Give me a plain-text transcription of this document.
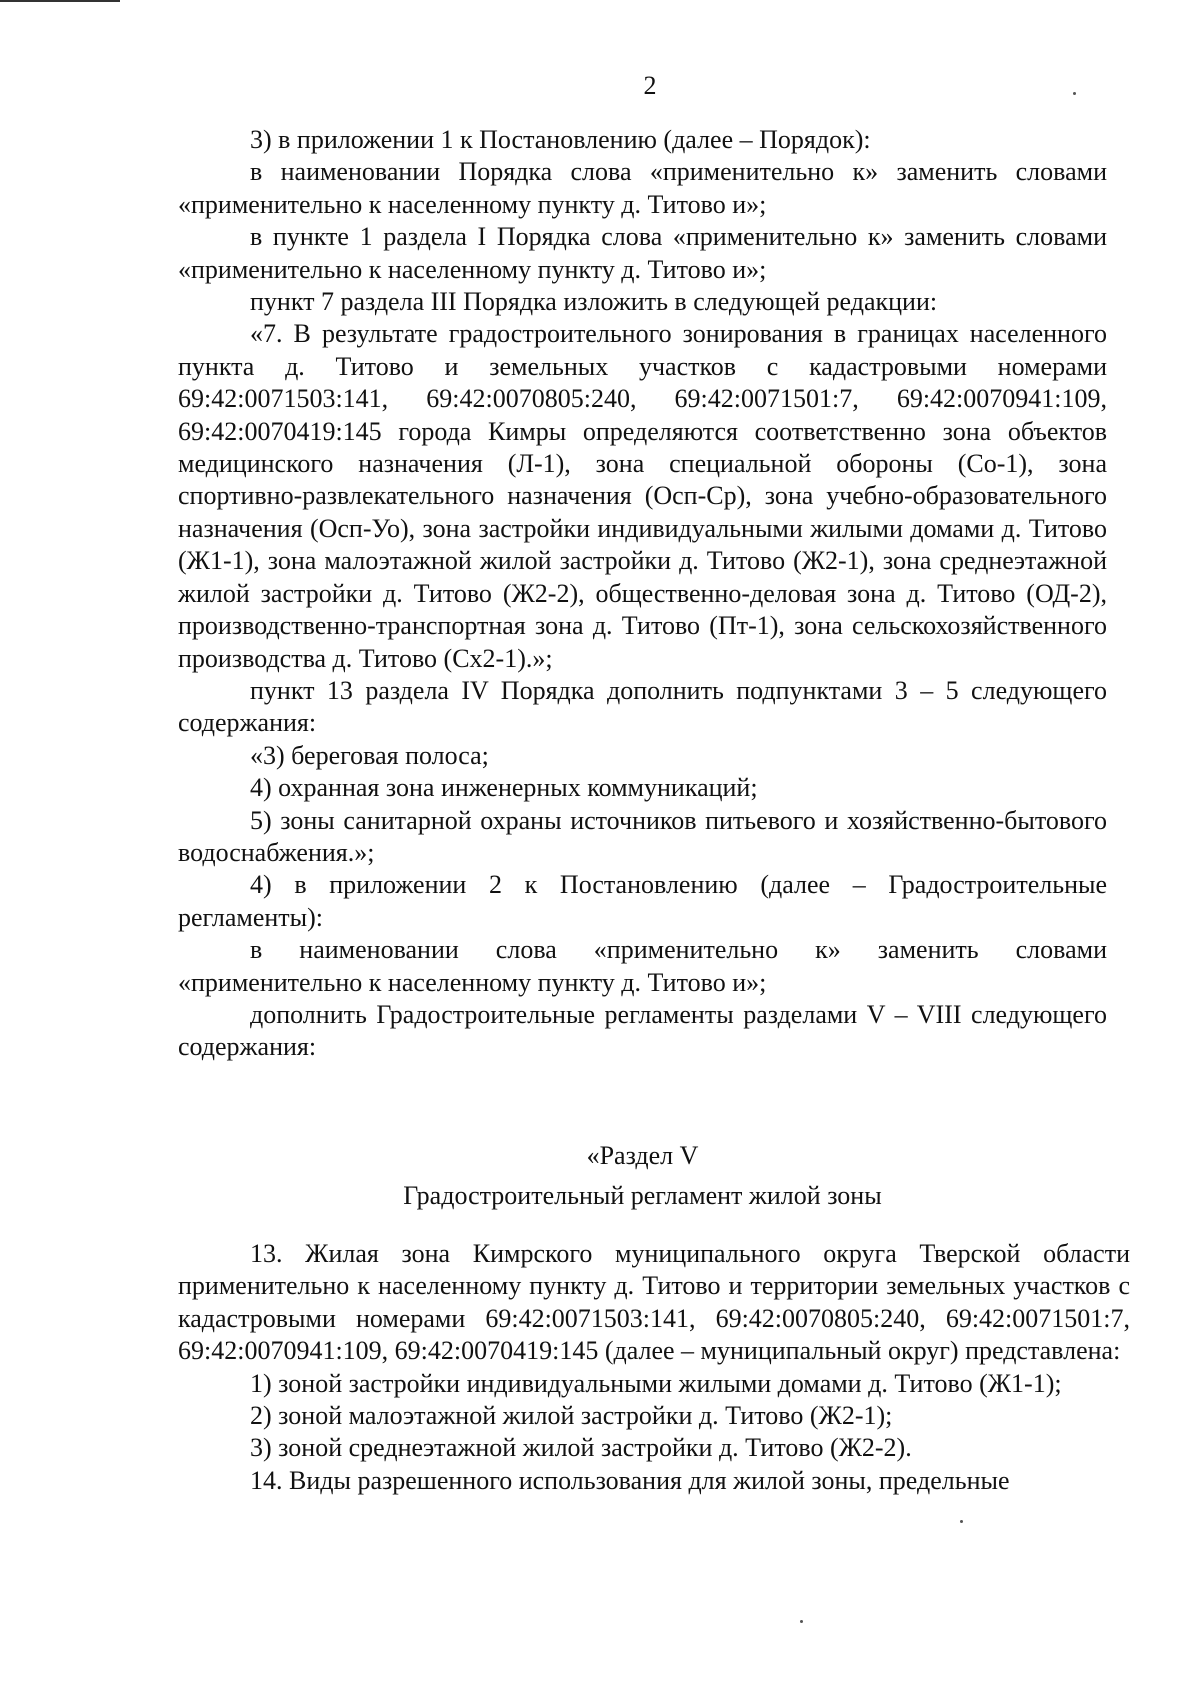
2

3) в приложении 1 к Постановлению (далее – Порядок):

в наименовании Порядка слова «применительно к» заменить словами «применительно к населенному пункту д. Титово и»;

в пункте 1 раздела I Порядка слова «применительно к» заменить словами «применительно к населенному пункту д. Титово и»;

пункт 7 раздела III Порядка изложить в следующей редакции:

«7. В результате градостроительного зонирования в границах населенного пункта д. Титово и земельных участков с кадастровыми номерами 69:42:0071503:141, 69:42:0070805:240, 69:42:0071501:7, 69:42:0070941:109, 69:42:0070419:145 города Кимры определяются соответственно зона объектов медицинского назначения (Л-1), зона специальной обороны (Со-1), зона спортивно-развлекательного назначения (Осп-Ср), зона учебно-образовательного назначения (Осп-Уо), зона застройки индивидуальными жилыми домами д. Титово (Ж1-1), зона малоэтажной жилой застройки д. Титово (Ж2-1), зона среднеэтажной жилой застройки д. Титово (Ж2-2), общественно-деловая зона д. Титово (ОД-2), производственно-транспортная зона д. Титово (Пт-1), зона сельскохозяйственного производства д. Титово (Сх2-1).»;

пункт 13 раздела IV Порядка дополнить подпунктами 3 – 5 следующего содержания:

«3) береговая полоса;

4) охранная зона инженерных коммуникаций;

5) зоны санитарной охраны источников питьевого и хозяйственно-бытового водоснабжения.»;

4) в приложении 2 к Постановлению (далее – Градостроительные регламенты):

в наименовании слова «применительно к» заменить словами «применительно к населенному пункту д. Титово и»;

дополнить Градостроительные регламенты разделами V – VIII следующего содержания:

«Раздел V
Градостроительный регламент жилой зоны

13. Жилая зона Кимрского муниципального округа Тверской области применительно к населенному пункту д. Титово и территории земельных участков с кадастровыми номерами 69:42:0071503:141, 69:42:0070805:240, 69:42:0071501:7, 69:42:0070941:109, 69:42:0070419:145 (далее – муниципальный округ) представлена:

1) зоной застройки индивидуальными жилыми домами д. Титово (Ж1-1);

2) зоной малоэтажной жилой застройки д. Титово (Ж2-1);

3) зоной среднеэтажной жилой застройки д. Титово (Ж2-2).

14. Виды разрешенного использования для жилой зоны, предельные
